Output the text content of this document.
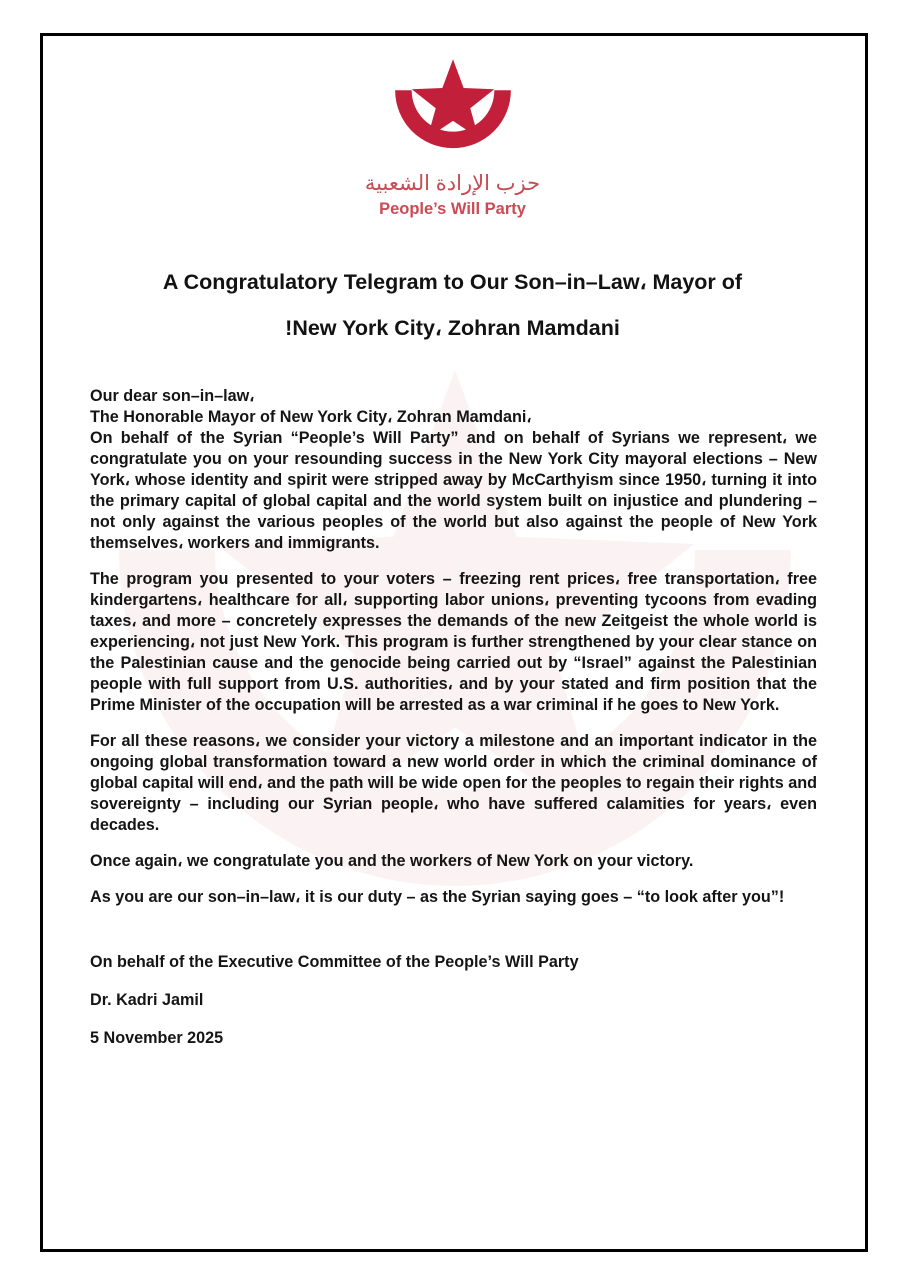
حزب الإرادة الشعبية
People’s Will Party
A Congratulatory Telegram to Our Son–in–Law، Mayor of
!New York City، Zohran Mamdani

Our dear son–in–law،

The Honorable Mayor of New York City، Zohran Mamdani،

On behalf of the Syrian “People’s Will Party” and on behalf of Syrians we represent، we congratulate you on your resounding success in the New York City mayoral elections – New York، whose identity and spirit were stripped away by McCarthyism since 1950، turning it into the primary capital of global capital and the world system built on injustice and plundering – not only against the various peoples of the world but also against the people of New York themselves، workers and immigrants.

The program you presented to your voters – freezing rent prices، free transportation، free kindergartens، healthcare for all، supporting labor unions، preventing tycoons from evading taxes، and more – concretely expresses the demands of the new Zeitgeist the whole world is experiencing، not just New York. This program is further strengthened by your clear stance on the Palestinian cause and the genocide being carried out by “Israel” against the Palestinian people with full support from U.S. authorities، and by your stated and firm position that the Prime Minister of the occupation will be arrested as a war criminal if he goes to New York.

For all these reasons، we consider your victory a milestone and an important indicator in the ongoing global transformation toward a new world order in which the criminal dominance of global capital will end، and the path will be wide open for the peoples to regain their rights and sovereignty – including our Syrian people، who have suffered calamities for years، even decades.

Once again، we congratulate you and the workers of New York on your victory.

As you are our son–in–law، it is our duty – as the Syrian saying goes – “to look after you”!

On behalf of the Executive Committee of the People’s Will Party

Dr. Kadri Jamil

5 November 2025
